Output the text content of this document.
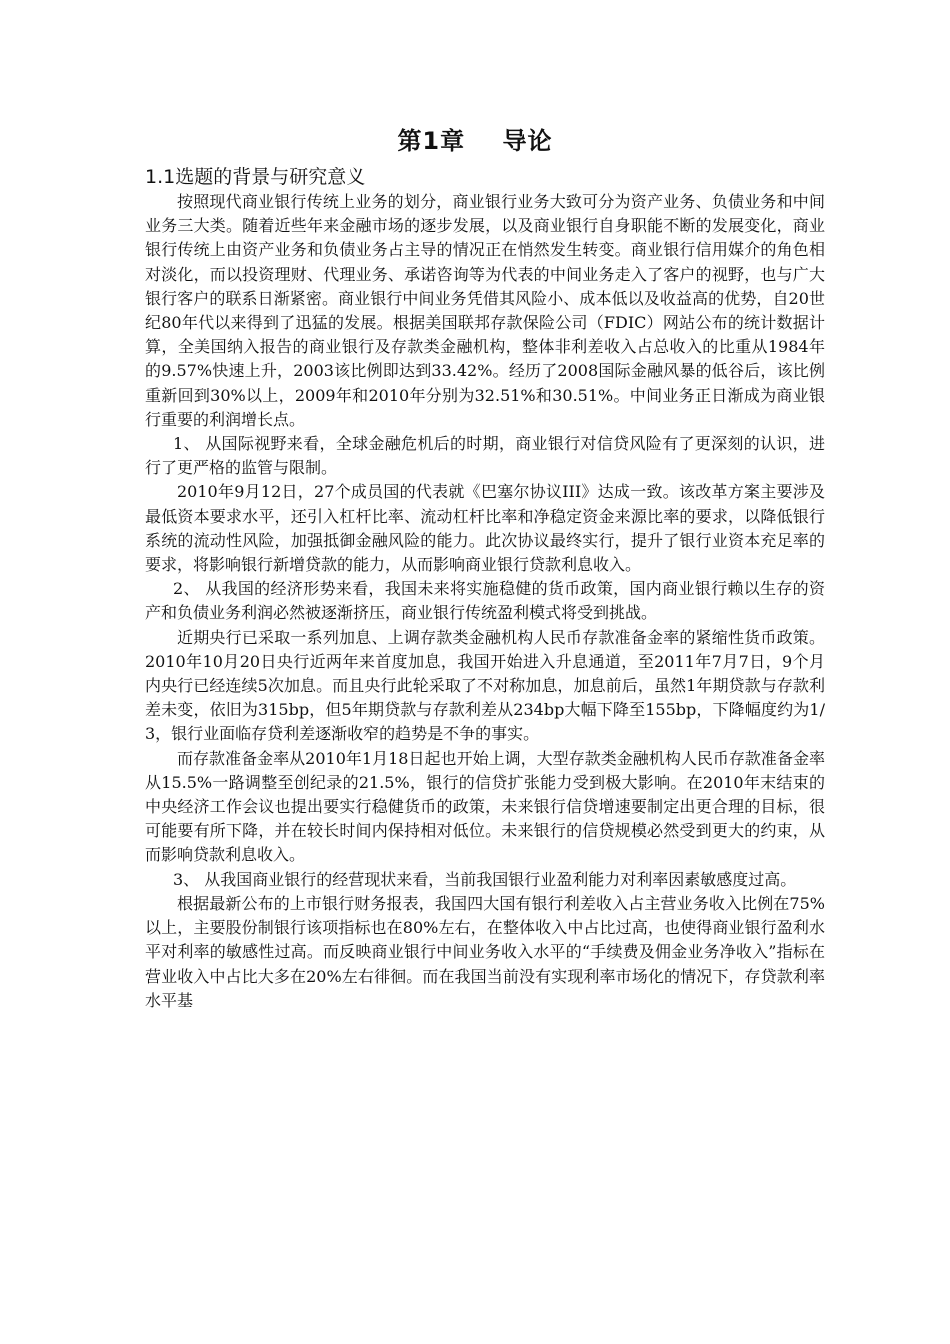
第1章    导论
1.1选题的背景与研究意义

按照现代商业银行传统上业务的划分，商业银行业务大致可分为资产业务、负债业务和中间业务三大类。随着近些年来金融市场的逐步发展，以及商业银行自身职能不断的发展变化，商业银行传统上由资产业务和负债业务占主导的情况正在悄然发生转变。商业银行信用媒介的角色相对淡化，而以投资理财、代理业务、承诺咨询等为代表的中间业务走入了客户的视野，也与广大银行客户的联系日渐紧密。商业银行中间业务凭借其风险小、成本低以及收益高的优势，自20世纪80年代以来得到了迅猛的发展。根据美国联邦存款保险公司（FDIC）网站公布的统计数据计算，全美国纳入报告的商业银行及存款类金融机构，整体非利差收入占总收入的比重从1984年的9.57%快速上升，2003该比例即达到33.42%。经历了2008国际金融风暴的低谷后，该比例重新回到30%以上，2009年和2010年分别为32.51%和30.51%。中间业务正日渐成为商业银行重要的利润增长点。

1、 从国际视野来看，全球金融危机后的时期，商业银行对信贷风险有了更深刻的认识，进行了更严格的监管与限制。

2010年9月12日，27个成员国的代表就《巴塞尔协议III》达成一致。该改革方案主要涉及最低资本要求水平，还引入杠杆比率、流动杠杆比率和净稳定资金来源比率的要求，以降低银行系统的流动性风险，加强抵御金融风险的能力。此次协议最终实行，提升了银行业资本充足率的要求，将影响银行新增贷款的能力，从而影响商业银行贷款利息收入。

2、 从我国的经济形势来看，我国未来将实施稳健的货币政策，国内商业银行赖以生存的资产和负债业务利润必然被逐渐挤压，商业银行传统盈利模式将受到挑战。

近期央行已采取一系列加息、上调存款类金融机构人民币存款准备金率的紧缩性货币政策。2010年10月20日央行近两年来首度加息，我国开始进入升息通道，至2011年7月7日，9个月内央行已经连续5次加息。而且央行此轮采取了不对称加息，加息前后，虽然1年期贷款与存款利差未变，依旧为315bp，但5年期贷款与存款利差从234bp大幅下降至155bp，下降幅度约为1/3，银行业面临存贷利差逐渐收窄的趋势是不争的事实。

而存款准备金率从2010年1月18日起也开始上调，大型存款类金融机构人民币存款准备金率从15.5%一路调整至创纪录的21.5%，银行的信贷扩张能力受到极大影响。在2010年末结束的中央经济工作会议也提出要实行稳健货币的政策，未来银行信贷增速要制定出更合理的目标，很可能要有所下降，并在较长时间内保持相对低位。未来银行的信贷规模必然受到更大的约束，从而影响贷款利息收入。

3、 从我国商业银行的经营现状来看，当前我国银行业盈利能力对利率因素敏感度过高。

根据最新公布的上市银行财务报表，我国四大国有银行利差收入占主营业务收入比例在75%以上，主要股份制银行该项指标也在80%左右，在整体收入中占比过高，也使得商业银行盈利水平对利率的敏感性过高。而反映商业银行中间业务收入水平的“手续费及佣金业务净收入”指标在营业收入中占比大多在20%左右徘徊。而在我国当前没有实现利率市场化的情况下，存贷款利率水平基
